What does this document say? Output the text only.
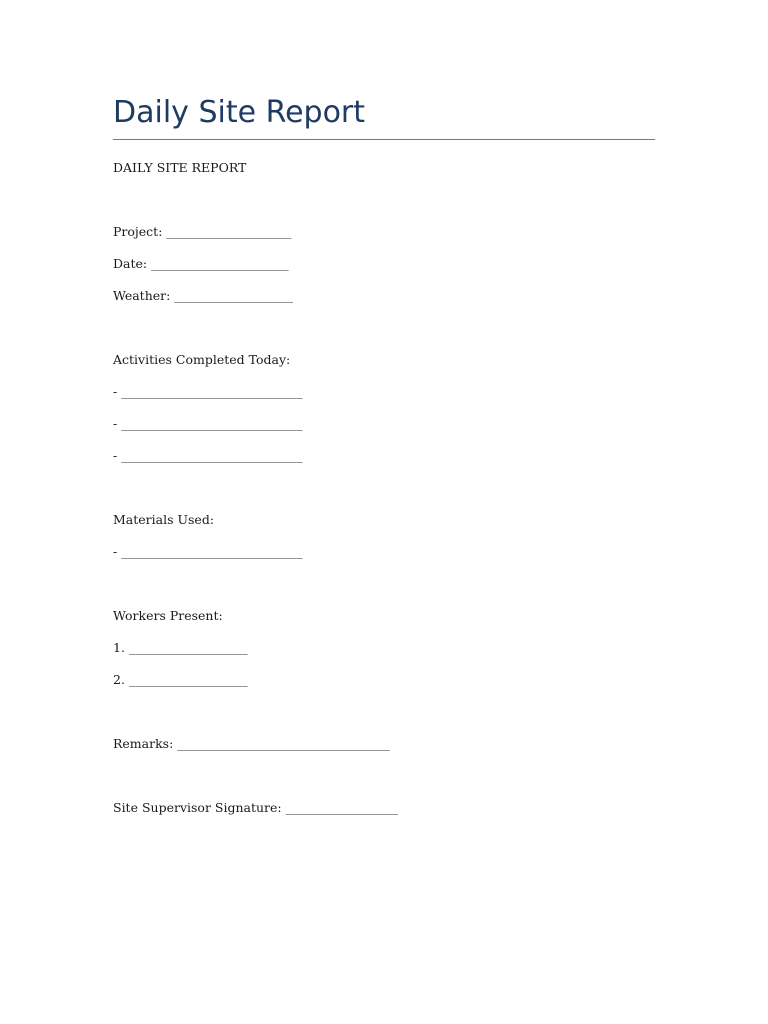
Daily Site Report

DAILY SITE REPORT

Project: ____________________

Date: ______________________

Weather: ___________________

Activities Completed Today:

- _____________________________

- _____________________________

- _____________________________

Materials Used:

- _____________________________

Workers Present:

1. ___________________

2. ___________________

Remarks: __________________________________

Site Supervisor Signature: __________________
